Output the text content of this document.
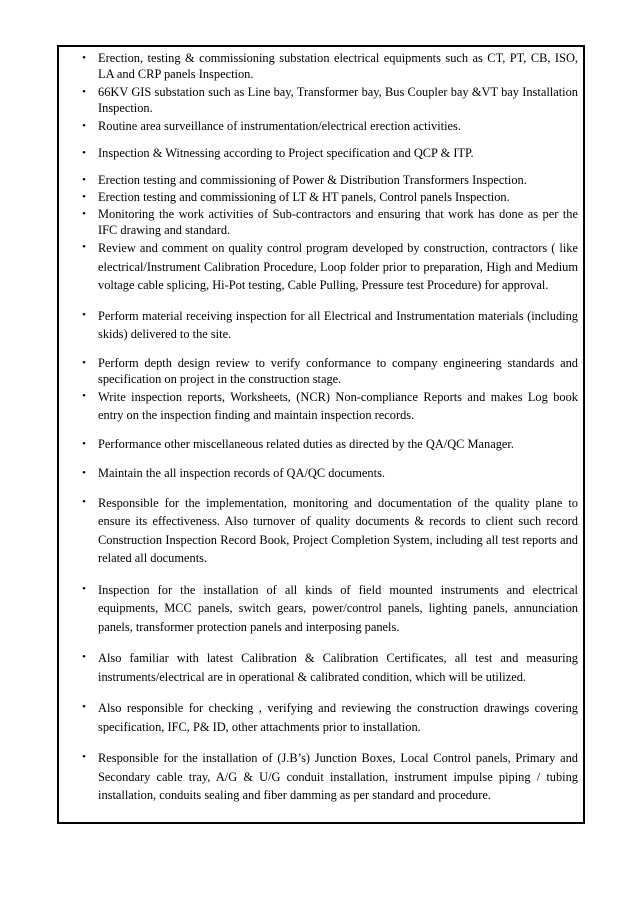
• Erection, testing & commissioning substation electrical equipments such as CT, PT, CB, ISO, LA and CRP panels Inspection.
• 66KV GIS substation such as Line bay, Transformer bay, Bus Coupler bay &VT bay Installation Inspection.
• Routine area surveillance of instrumentation/electrical erection activities.
• Inspection & Witnessing according to Project specification and QCP & ITP.
• Erection testing and commissioning of Power & Distribution Transformers Inspection.
• Erection testing and commissioning of LT & HT panels, Control panels Inspection.
• Monitoring the work activities of Sub-contractors and ensuring that work has done as per the IFC drawing and standard.
• Review and comment on quality control program developed by construction, contractors ( like electrical/Instrument Calibration Procedure, Loop folder prior to preparation, High and Medium voltage cable splicing, Hi-Pot testing, Cable Pulling, Pressure test Procedure) for approval.
• Perform material receiving inspection for all Electrical and Instrumentation materials (including skids) delivered to the site.
• Perform depth design review to verify conformance to company engineering standards and specification on project in the construction stage.
• Write inspection reports, Worksheets, (NCR) Non-compliance Reports and makes Log book entry on the inspection finding and maintain inspection records.
• Performance other miscellaneous related duties as directed by the QA/QC Manager.
• Maintain the all inspection records of QA/QC documents.
• Responsible for the implementation, monitoring and documentation of the quality plane to ensure its effectiveness. Also turnover of quality documents & records to client such record Construction Inspection Record Book, Project Completion System, including all test reports and related all documents.
• Inspection for the installation of all kinds of field mounted instruments and electrical equipments, MCC panels, switch gears, power/control panels, lighting panels, annunciation panels, transformer protection panels and interposing panels.
• Also familiar with latest Calibration & Calibration Certificates, all test and measuring instruments/electrical are in operational & calibrated condition, which will be utilized.
• Also responsible for checking , verifying and reviewing the construction drawings covering specification, IFC, P& ID, other attachments prior to installation.
• Responsible for the installation of (J.B’s) Junction Boxes, Local Control panels, Primary and Secondary cable tray, A/G & U/G conduit installation, instrument impulse piping / tubing installation, conduits sealing and fiber damming as per standard and procedure.
